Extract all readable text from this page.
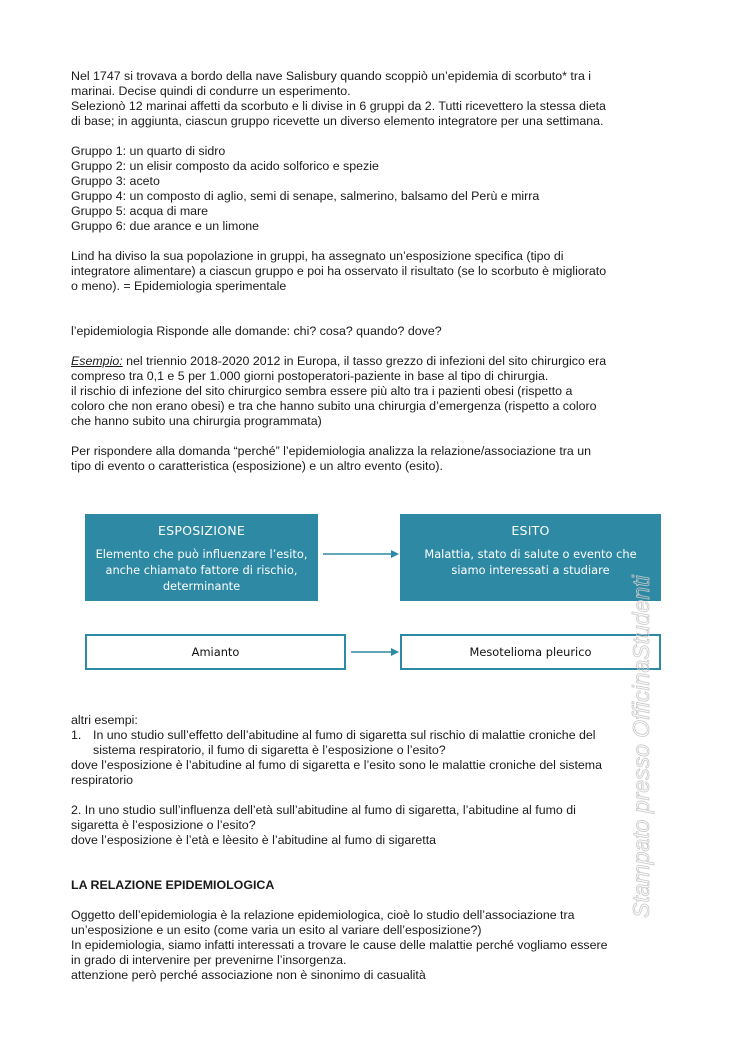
Nel 1747 si trovava a bordo della nave Salisbury quando scoppiò un’epidemia di scorbuto* tra i

marinai. Decise quindi di condurre un esperimento.

Selezionò 12 marinai affetti da scorbuto e li divise in 6 gruppi da 2. Tutti ricevettero la stessa dieta

di base; in aggiunta, ciascun gruppo ricevette un diverso elemento integratore per una settimana.

Gruppo 1: un quarto di sidro

Gruppo 2: un elisir composto da acido solforico e spezie

Gruppo 3: aceto

Gruppo 4: un composto di aglio, semi di senape, salmerino, balsamo del Perù e mirra

Gruppo 5: acqua di mare

Gruppo 6: due arance e un limone

Lind ha diviso la sua popolazione in gruppi, ha assegnato un’esposizione specifica (tipo di

integratore alimentare) a ciascun gruppo e poi ha osservato il risultato (se lo scorbuto è migliorato

o meno). = Epidemiologia sperimentale

l’epidemiologia Risponde alle domande: chi? cosa? quando? dove?

Esempio: nel triennio 2018-2020 2012 in Europa, il tasso grezzo di infezioni del sito chirurgico era

compreso tra 0,1 e 5 per 1.000 giorni postoperatori-paziente in base al tipo di chirurgia.

il rischio di infezione del sito chirurgico sembra essere più alto tra i pazienti obesi (rispetto a

coloro che non erano obesi) e tra che hanno subito una chirurgia d’emergenza (rispetto a coloro

che hanno subito una chirurgia programmata)

Per rispondere alla domanda “perché” l’epidemiologia analizza la relazione/associazione tra un

tipo di evento o caratteristica (esposizione) e un altro evento (esito).

altri esempi:

1. In uno studio sull’effetto dell’abitudine al fumo di sigaretta sul rischio di malattie croniche del

sistema respiratorio, il fumo di sigaretta è l’esposizione o l’esito?

dove l’esposizione è l’abitudine al fumo di sigaretta e l’esito sono le malattie croniche del sistema

respiratorio

2. In uno studio sull’influenza dell’età sull’abitudine al fumo di sigaretta, l’abitudine al fumo di

sigaretta è l’esposizione o l’esito?

dove l’esposizione è l’età e lèesito è l’abitudine al fumo di sigaretta

LA RELAZIONE EPIDEMIOLOGICA

Oggetto dell’epidemiologia è la relazione epidemiologica, cioè lo studio dell’associazione tra

un’esposizione e un esito (come varia un esito al variare dell’esposizione?)

In epidemiologia, siamo infatti interessati a trovare le cause delle malattie perché vogliamo essere

in grado di intervenire per prevenirne l’insorgenza.

attenzione però perché associazione non è sinonimo di casualità

ESPOSIZIONE
Elemento che può influenzare l’esito,
anche chiamato fattore di rischio,
determinante
ESITO
Malattia, stato di salute o evento che
siamo interessati a studiare
Amianto	Mesotelioma pleurico Stampato presso OfficinaStudenti
